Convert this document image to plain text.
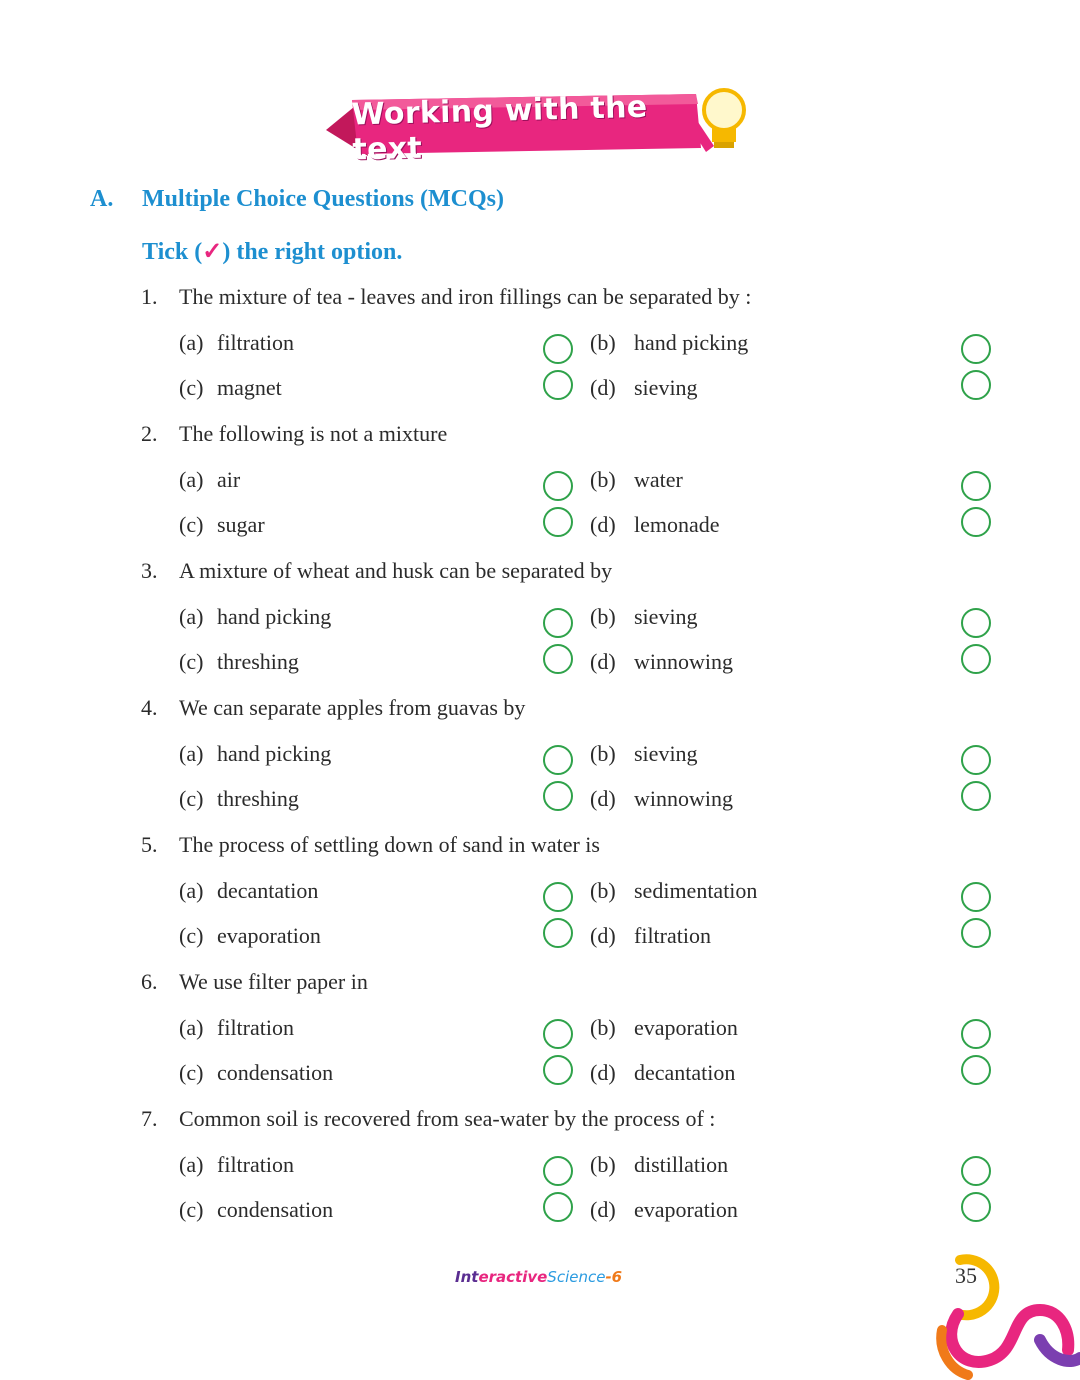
Working with the text
A. Multiple Choice Questions (MCQs)
Tick (✓) the right option.
1. The mixture of tea - leaves and iron fillings can be separated by :
(a) filtration	(b) hand picking
(c) magnet	(d) sieving
2. The following is not a mixture
(a) air	(b) water
(c) sugar	(d) lemonade
3. A mixture of wheat and husk can be separated by
(a) hand picking	(b) sieving
(c) threshing	(d) winnowing
4. We can separate apples from guavas by
(a) hand picking	(b) sieving
(c) threshing	(d) winnowing
5. The process of settling down of sand in water is
(a) decantation	(b) sedimentation
(c) evaporation	(d) filtration
6. We use filter paper in
(a) filtration	(b) evaporation
(c) condensation	(d) decantation
7. Common soil is recovered from sea-water by the process of :
(a) filtration	(b) distillation
(c) condensation	(d) evaporation
Int eractive Science -6	35
